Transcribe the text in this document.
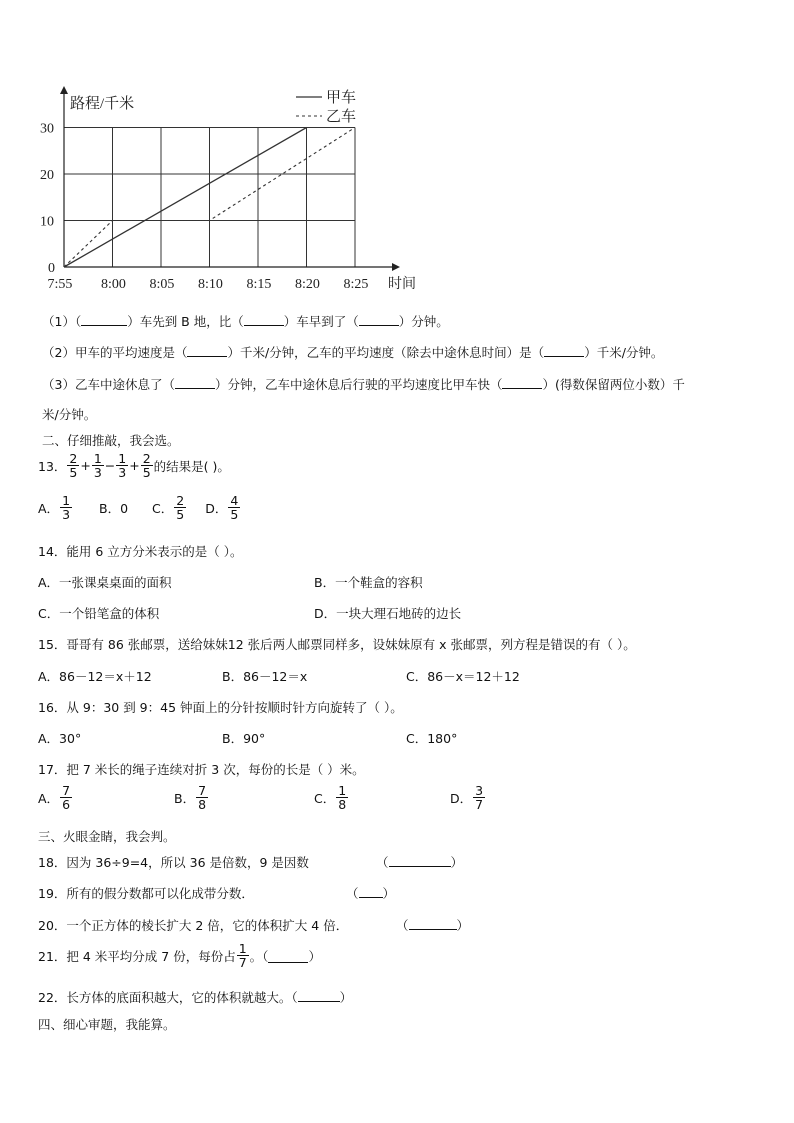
路程/千米
时间
0
10
20
30
7:55 8:00 8:05 8:10 8:15 8:20 8:25
甲车
乙车
（1）（	）车先到 B 地，比（	）车早到了（	）分钟。
（2）甲车的平均速度是（	）千米/分钟，乙车的平均速度（除去中途休息时间）是（	）千米/分钟。
（3）乙车中途休息了（	）分钟，乙车中途休息后行驶的平均速度比甲车快（	）(得数保留两位小数）千
米/分钟。
二、仔细推敲，我会选。
13． $\frac{2}{5} + \frac{1}{3} - \frac{1}{3} + \frac{2}{5}$ 的结果是( )。
A． $\frac{1}{3}$ B．0 C． $\frac{2}{5}$ D． $\frac{4}{5}$
14．能用 6 立方分米表示的是（ ）。
A．一张课桌桌面的面积	B．一个鞋盒的容积
C．一个铅笔盒的体积	D．一块大理石地砖的边长
15．哥哥有 86 张邮票，送给妹妹12 张后两人邮票同样多，设妹妹原有 x 张邮票，列方程是错误的有（ ）。
A．86－12＝x＋12	B．86－12＝x	C．86－x＝12＋12
16．从 9：30 到 9：45 钟面上的分针按顺时针方向旋转了（ ）。
A．30°	B．90°	C．180°
17．把 7 米长的绳子连续对折 3 次，每份的长是（ ）米。
A． $\frac{7}{6}$	B． $\frac{7}{8}$	C． $\frac{1}{8}$	D． $\frac{3}{7}$
三、火眼金睛，我会判。
18．因为 36÷9=4，所以 36 是倍数，9 是因数	（	）
19．所有的假分数都可以化成带分数．	（ ）
20．一个正方体的棱长扩大 2 倍，它的体积扩大 4 倍．	（	）
21．把 4 米平均分成 7 份，每份占 $\frac{1}{7}$ 。（	）
22．长方体的底面积越大，它的体积就越大。（	）
四、细心审题，我能算。
